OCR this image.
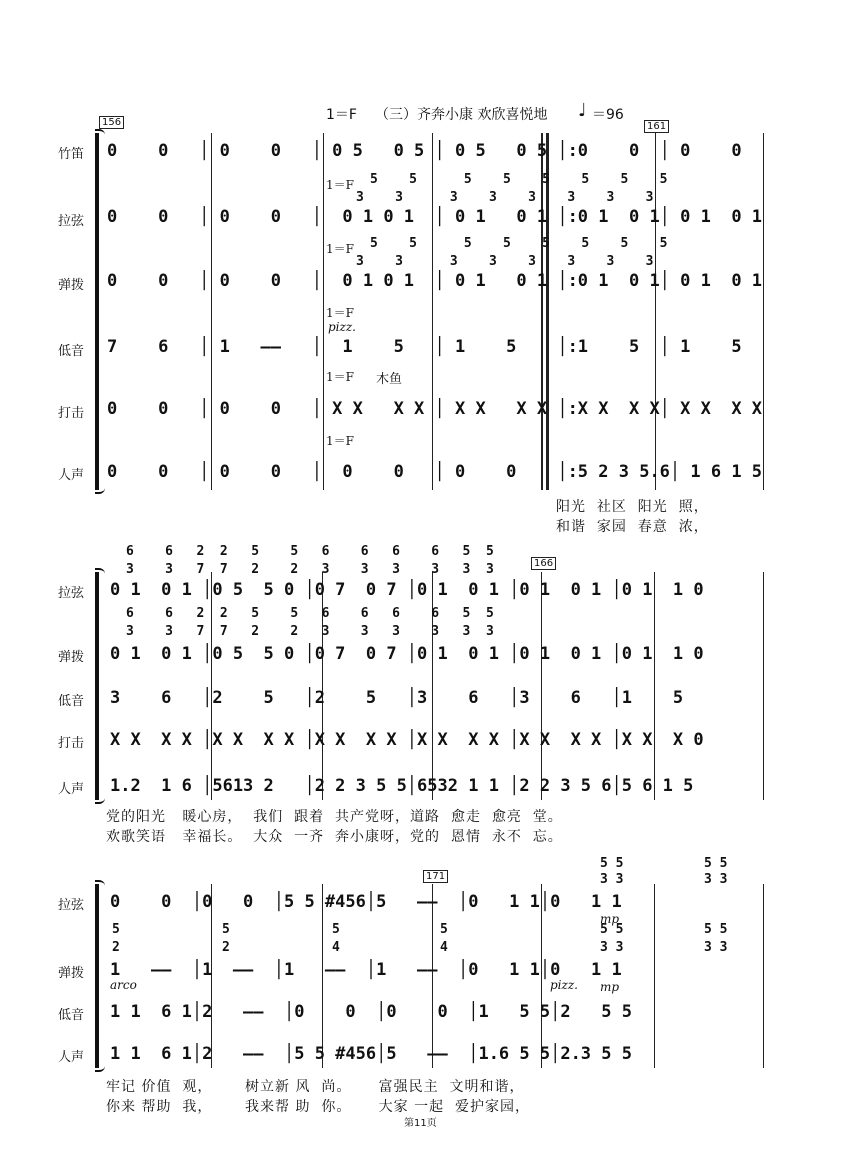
1＝F （三）齐奔小康 欢欣喜悦地 ♩ ＝96
156	161
166
171
竹笛
拉弦
弹拨
低音
打击
人声
1＝F
1＝F
1＝F
1＝F
1＝F
pizz.
木鱼
5    5      5    5    5    5    5    5
3    3      3    3    3    3    3    3
5    5      5    5    5    5    5    5
3    3      3    3    3    3    3    3
0    0   │ 0    0   │ 0 5   0 5 │ 0 5   0 5 │:0    0  │ 0    0
0    0   │ 0    0   │  0 1 0 1  │ 0 1   0 1 │:0 1  0 1│ 0 1  0 1
0    0   │ 0    0   │  0 1 0 1  │ 0 1   0 1 │:0 1  0 1│ 0 1  0 1
7    6   │ 1   ——   │  1    5   │ 1    5    │:1    5  │ 1    5
0    0   │ 0    0   │ X X   X X │ X X   X X │:X X  X X│ X X  X X
0    0   │ 0    0   │  0    0   │ 0    0    │:5 2 3 5.6│ 1 6 1 5
阳光  社区  阳光  照，
和谐  家园  春意  浓，
拉弦
弹拨
低音
打击
人声
6    6   2  2   5    5   6    6   6    6   5  5
3    3   7  7   2    2   3    3   3    3   3  3
0 1  0 1 │0 5  5 0 │0 7  0 7 │0 1  0 1 │0 1  0 1 │0 1  1 0
6    6   2  2   5    5   6    6   6    6   5  5
3    3   7  7   2    2   3    3   3    3   3  3
0 1  0 1 │0 5  5 0 │0 7  0 7 │0 1  0 1 │0 1  0 1 │0 1  1 0
3    6   │2    5   │2    5   │3    6   │3    6   │1    5
X X  X X │X X  X X │X X  X X │X X  X X │X X  X X │X X  X 0
1.2  1 6 │5613 2   │2 2 3 5 5│6532 1 1 │2 2 3 5 6│5 6 1 5
党的阳光   暖心房，  我们  跟着  共产党呀，道路  愈走  愈亮  堂。
欢歌笑语   幸福长。  大众  一齐  奔小康呀，党的  恩情  永不  忘。
拉弦
弹拨
低音
人声
5 5
3 3
5 5
3 3
0    0  │0   0  │5 5 #456│5   ——  │0   1 1│0   1 1
mp
5
2
5
2
5
4
5
4
5 5
3 3
5 5
3 3
1   ——  │1  ——  │1   ——  │1   ——  │0   1 1│0   1 1
arco	pizz. mp
1 1  6 1│2   ——  │0    0  │0    0  │1   5 5│2   5 5
1 1  6 1│2   ——  │5 5 #456│5   ——  │1.6 5 5│2.3 5 5
牢记 价值  观，      树立新 风  尚。     富强民主  文明和谐，
你来 帮助  我，      我来帮 助  你。     大家 一起  爱护家园，
第11页
